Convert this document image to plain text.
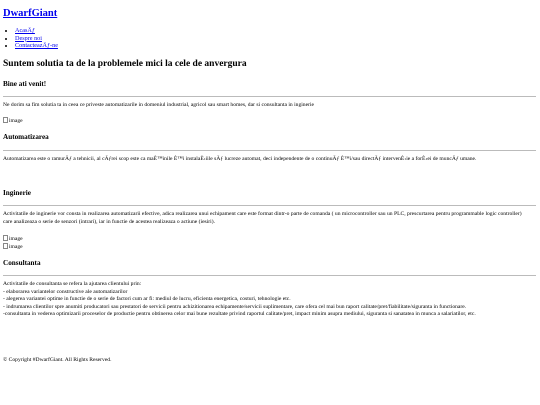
DwarfGiant
• AcasÄƒ
• Despre noi
• ContacteazÄƒ-ne
Suntem solutia ta de la problemele mici la cele de anvergura
Bine ati venit!

Ne dorim sa fim solutia ta in ceea ce priveste automatizarile in domeniul industrial, agricol sau smart homes, dar si consultanta in inginerie

image
Automatizarea

Automatizarea este o ramurÄƒ a tehnicii, al cÄƒrei scop este ca maÈ™inile È™i instalaÈ›iile sÄƒ lucreze automat, deci independente de o continuÄƒ È™i/sau directÄƒ intervenÈ›ie a forÈ›ei de muncÄƒ umane.

Inginerie

Activitatile de inginerie vor consta in realizarea automatizarii efective, adica realizarea unui echipament care este format dintr-o parte de comanda ( un microcontroller sau un PLC, prescurtarea pentru programmable logic controller) care analizeaza o serie de senzori (intrari), iar in functie de acestea realizeaza o actiune (iesiri).

image
image
Consultanta
Activitatile de consultanta se refera la ajutarea clientului prin:
- elaborarea variantelor constructive ale automatizarilor
- alegerea variantei optime in functie de o serie de factori cum ar fi: mediul de lucru, eficienta energetica, costuri, tehnologie etc.
- indrumarea clientilor spre anumiti producatori sau prestatori de servicii pentru achizitionarea echipamente/servicii suplimentare, care ofera cel mai bun raport calitate/pret/fiabilitate/siguranta in functionare.
-consultanta in vederea optimizarii proceselor de productie pentru obtinerea celor mai bune rezultate privind raportul calitate/pret, impact minim asupra mediului, siguranta si sanatatea in munca a salariatilor, etc.
© Copyright #DwarfGiant. All Rights Reserved.
